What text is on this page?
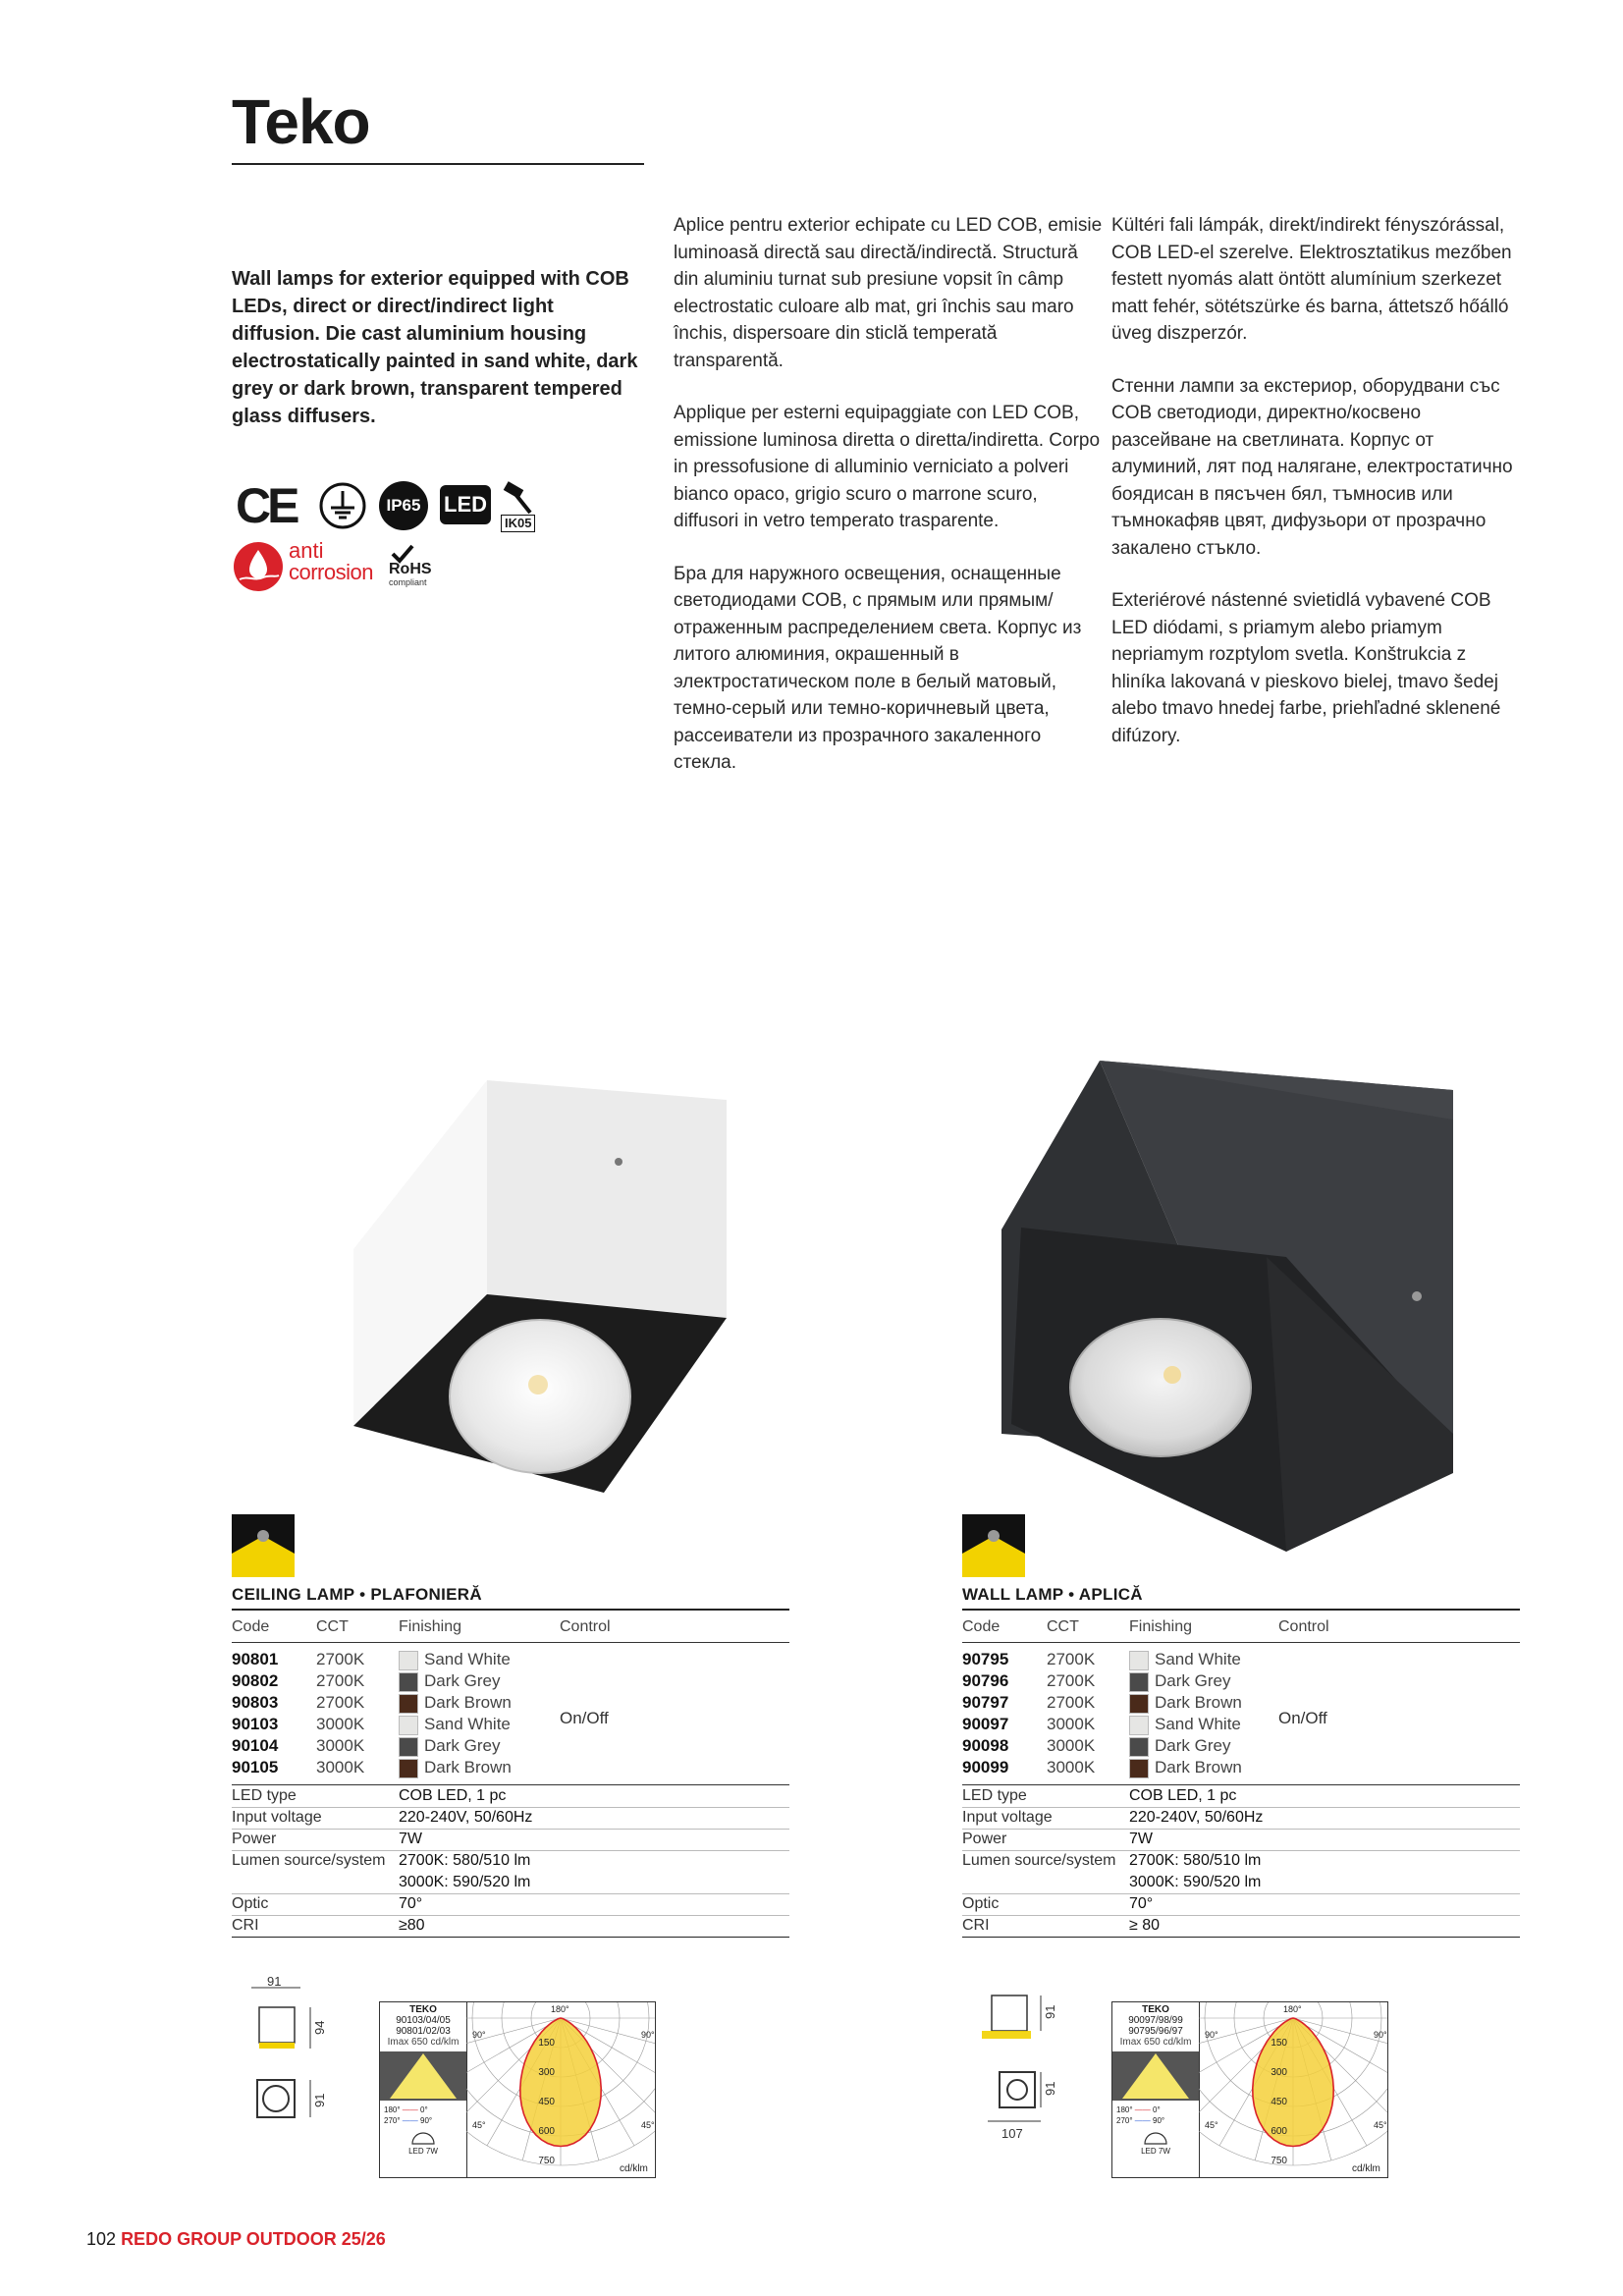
Teko
Wall lamps for exterior equipped with COB LEDs, direct or direct/indirect light diffusion. Die cast aluminium housing electrostatically painted in sand white, dark grey or dark brown, transparent tempered glass diffusers.

Aplice pentru exterior echipate cu LED COB, emisie luminoasă directă sau directă/indirectă. Structură din aluminiu turnat sub presiune vopsit în câmp electrostatic culoare alb mat, gri închis sau maro închis, dispersoare din sticlă temperată transparentă.

Applique per esterni equipaggiate con LED COB, emissione luminosa diretta o diretta/indiretta. Corpo in pressofusione di alluminio verniciato a polveri bianco opaco, grigio scuro o marrone scuro, diffusori in vetro temperato trasparente.

Бра для наружного освещения, оснащенные светодиодами COB, с прямым или прямым/ отраженным распределением света. Корпус из литого алюминия, окрашенный в электростатическом поле в белый матовый, темно-серый или темно-коричневый цвета, рассеиватели из прозрачного закаленного стекла.

Kültéri fali lámpák, direkt/indirekt fényszórással, COB LED-el szerelve. Elektrosztatikus mezőben festett nyomás alatt öntött alumínium szerkezet matt fehér, sötétszürke és barna, áttetsző hőálló üveg diszperzór.

Стенни лампи за екстериор, оборудвани със COB светодиоди, директно/косвено разсейване на светлината. Корпус от алуминий, лят под налягане, електростатично боядисан в пясъчен бял, тъмносив или тъмнокафяв цвят, дифузьори от прозрачно закалено стъкло.

Exteriérové nástenné svietidlá vybavené COB LED diódami, s priamym alebo priamym nepriamym rozptylom svetla. Konštrukcia z hliníka lakovaná v pieskovo bielej, tmavo šedej alebo tmavo hnedej farbe, priehľadné sklenené difúzory.

CE	IP65	LED
IK05
anti
corrosion RoHS
compliant
CEILING LAMP • PLAFONIERĂ
Code	CCT	Finishing	Control
90801 2700K	Sand White
90802 2700K	Dark Grey
90803 2700K	Dark Brown
90103 3000K	Sand White
90104 3000K	Dark Grey
90105 3000K	Dark Brown
On/Off
LED type	COB LED, 1 pc
Input voltage	220-240V, 50/60Hz
Power	7W
Lumen source/system 2700K: 580/510 lm
3000K: 590/520 lm
Optic	70°
CRI	≥80
91
94
91
TEKO
90103/04/05
90801/02/03
Imax 650 cd/klm
180° —— 0°
270° —— 90°
LED 7W
150
300
450
600
750
cd/klm
180°
90°	90°
45°	45°
WALL LAMP • APLICĂ
Code	CCT	Finishing	Control
90795 2700K	Sand White
90796 2700K	Dark Grey
90797 2700K	Dark Brown
90097 3000K	Sand White
90098 3000K	Dark Grey
90099 3000K	Dark Brown
On/Off
LED type	COB LED, 1 pc
Input voltage	220-240V, 50/60Hz
Power	7W
Lumen source/system 2700K: 580/510 lm
3000K: 590/520 lm
Optic	70°
CRI	≥ 80
91
91
107
TEKO
90097/98/99
90795/96/97
Imax 650 cd/klm
180° —— 0°
270° —— 90°
LED 7W
150
300
450
600
750
cd/klm
180°
90°	90°
45°	45°
102 REDO GROUP OUTDOOR 25/26
